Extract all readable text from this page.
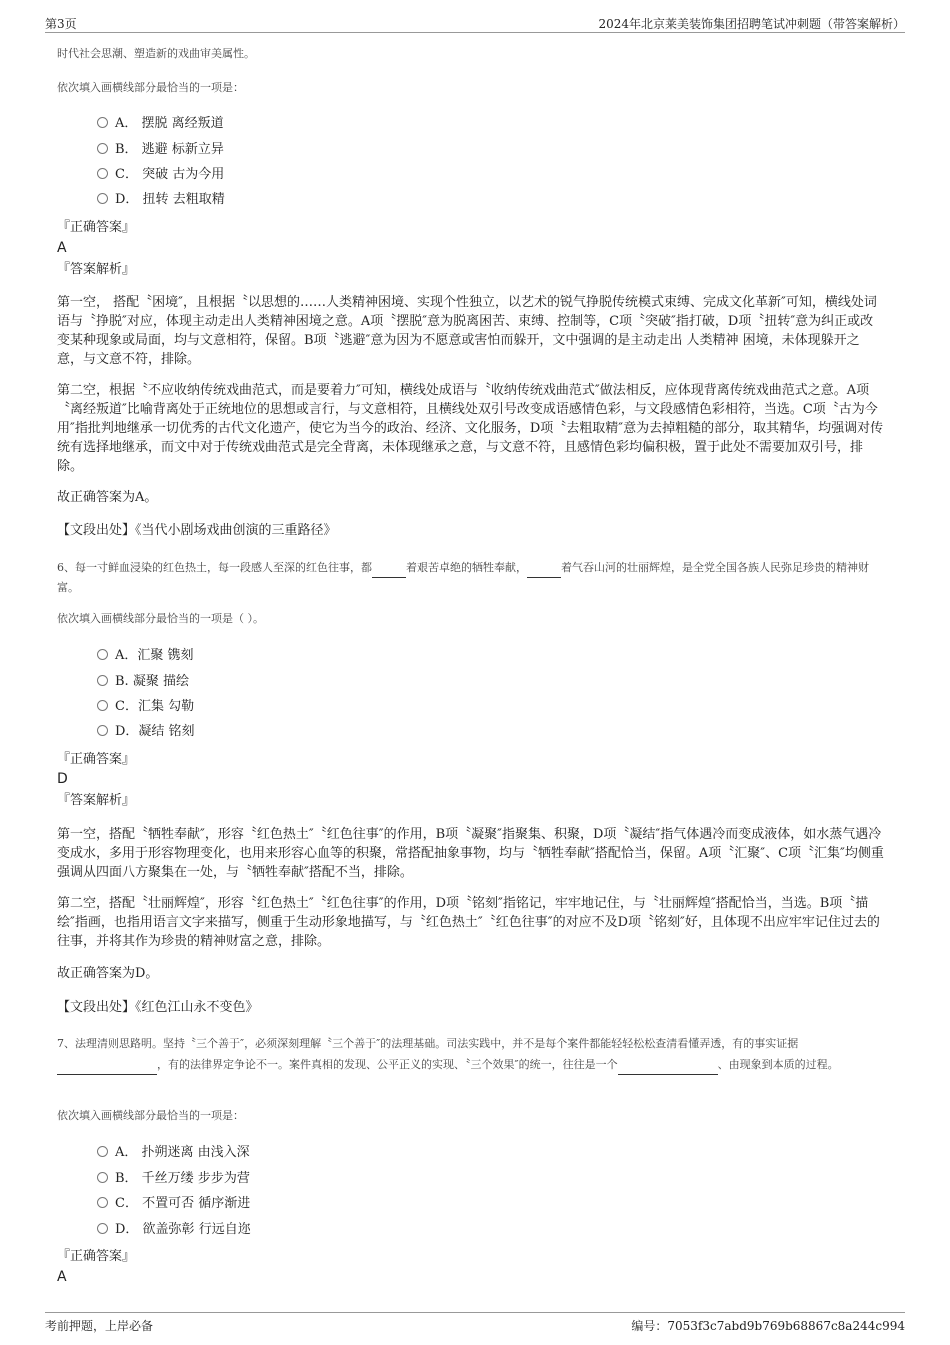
第3页	2024年北京莱美装饰集团招聘笔试冲刺题（带答案解析）
时代社会思潮、塑造新的戏曲审美属性。
依次填入画横线部分最恰当的一项是：
A． 摆脱 离经叛道
B． 逃避 标新立异
C． 突破 古为今用
D． 扭转 去粗取精
『正确答案』
A
『答案解析』
第一空， 搭配〝困境″，且根据〝以思想的……人类精神困境、实现个性独立，以艺术的锐气挣脱传统模式束缚、完成文化革新″可知，横线处词语与〝挣脱″对应，体现主动走出人类精神困境之意。A项〝摆脱″意为脱离困苦、束缚、控制等，C项〝突破″指打破，D项〝扭转″意为纠正或改变某种现象或局面，均与文意相符，保留。B项〝逃避″意为因为不愿意或害怕而躲开，文中强调的是主动走出 人类精神 困境，未体现躲开之意，与文意不符，排除。
第二空，根据〝不应收纳传统戏曲范式，而是要着力″可知，横线处成语与〝收纳传统戏曲范式″做法相反，应体现背离传统戏曲范式之意。A项〝离经叛道″比喻背离处于正统地位的思想或言行，与文意相符，且横线处双引号改变成语感情色彩，与文段感情色彩相符，当选。C项〝古为今用″指批判地继承一切优秀的古代文化遗产，使它为当今的政治、经济、文化服务，D项〝去粗取精″意为去掉粗糙的部分，取其精华，均强调对传统有选择地继承，而文中对于传统戏曲范式是完全背离，未体现继承之意，与文意不符，且感情色彩均偏积极，置于此处不需要加双引号，排除。
故正确答案为A。
【文段出处】《当代小剧场戏曲创演的三重路径》
6、每一寸鲜血浸染的红色热土，每一段感人至深的红色往事，都	着艰苦卓绝的牺牲奉献，	着气吞山河的壮丽辉煌，是全党全国各族人民弥足珍贵的精神财富。
依次填入画横线部分最恰当的一项是（ ）。
A．汇聚 镌刻
B. 凝聚 描绘
C．汇集 勾勒
D．凝结 铭刻
『正确答案』
D
『答案解析』
第一空，搭配〝牺牲奉献″，形容〝红色热土″〝红色往事″的作用，B项〝凝聚″指聚集、积聚，D项〝凝结″指气体遇冷而变成液体，如水蒸气遇冷变成水，多用于形容物理变化，也用来形容心血等的积聚，常搭配抽象事物，均与〝牺牲奉献″搭配恰当，保留。A项〝汇聚″、C项〝汇集″均侧重强调从四面八方聚集在一处，与〝牺牲奉献″搭配不当，排除。
第二空，搭配〝壮丽辉煌″，形容〝红色热土″〝红色往事″的作用，D项〝铭刻″指铭记，牢牢地记住，与〝壮丽辉煌″搭配恰当，当选。B项〝描绘″指画，也指用语言文字来描写，侧重于生动形象地描写，与〝红色热土″〝红色往事″的对应不及D项〝铭刻″好，且体现不出应牢牢记住过去的往事，并将其作为珍贵的精神财富之意，排除。
故正确答案为D。
【文段出处】《红色江山永不变色》
7、法理清则思路明。坚持〝三个善于″，必须深刻理解〝三个善于″的法理基础。司法实践中，并不是每个案件都能轻轻松松查清看懂弄透，有的事实证据 ，有的法律界定争论不一。案件真相的发现、公平正义的实现、〝三个效果″的统一，往往是一个	、由现象到本质的过程。
依次填入画横线部分最恰当的一项是：
A． 扑朔迷离 由浅入深
B． 千丝万缕 步步为营
C． 不置可否 循序渐进
D． 欲盖弥彰 行远自迩
『正确答案』
A
考前押题，上岸必备	编号：7053f3c7abd9b769b68867c8a244c994
